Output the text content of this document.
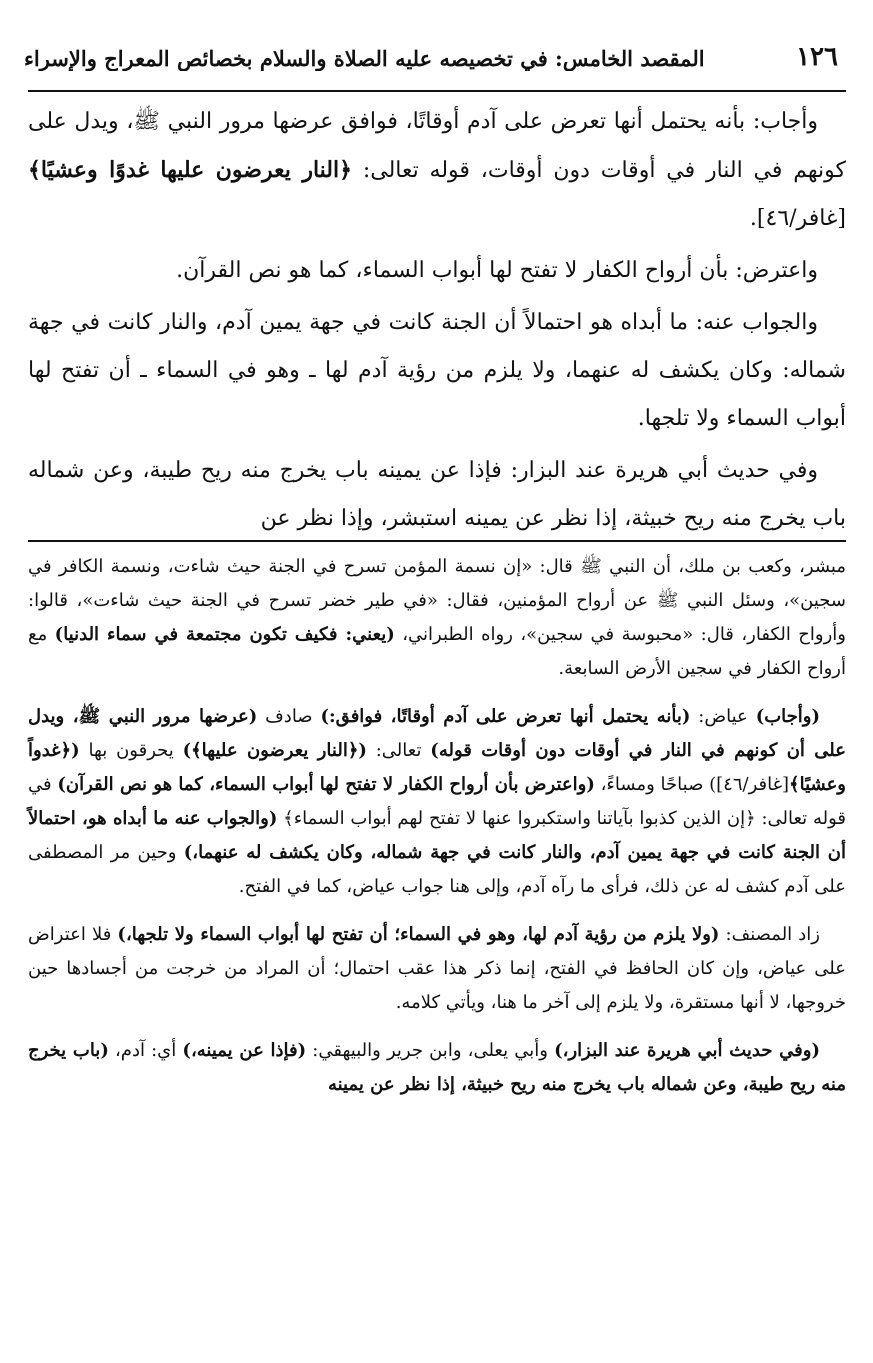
١٢٦
المقصد الخامس: في تخصيصه عليه الصلاة والسلام بخصائص المعراج والإسراء

وأجاب: بأنه يحتمل أنها تعرض على آدم أوقاتًا، فوافق عرضها مرور النبي ﷺ، ويدل على كونهم في النار في أوقات دون أوقات، قوله تعالى: ﴿النار يعرضون عليها غدوًا وعشيًا﴾ [غافر/٤٦].

واعترض: بأن أرواح الكفار لا تفتح لها أبواب السماء، كما هو نص القرآن.

والجواب عنه: ما أبداه هو احتمالاً أن الجنة كانت في جهة يمين آدم، والنار كانت في جهة شماله: وكان يكشف له عنهما، ولا يلزم من رؤية آدم لها ـ وهو في السماء ـ أن تفتح لها أبواب السماء ولا تلجها.

وفي حديث أبي هريرة عند البزار: فإذا عن يمينه باب يخرج منه ريح طيبة، وعن شماله باب يخرج منه ريح خبيثة، إذا نظر عن يمينه استبشر، وإذا نظر عن

مبشر، وكعب بن ملك، أن النبي ﷺ قال: «إن نسمة المؤمن تسرح في الجنة حيث شاءت، ونسمة الكافر في سجين»، وسئل النبي ﷺ عن أرواح المؤمنين، فقال: «في طير خضر تسرح في الجنة حيث شاءت»، قالوا: وأرواح الكفار، قال: «محبوسة في سجين»، رواه الطبراني، (يعني: فكيف تكون مجتمعة في سماء الدنيا) مع أرواح الكفار في سجين الأرض السابعة.

(وأجاب) عياض: (بأنه يحتمل أنها تعرض على آدم أوقاتًا، فوافق:) صادف (عرضها مرور النبي ﷺ، ويدل على أن كونهم في النار في أوقات دون أوقات قوله) تعالى: (﴿النار يعرضون عليها﴾) يحرقون بها (﴿غدواً وعشيًا﴾[غافر/٤٦]) صباحًا ومساءً، (واعترض بأن أرواح الكفار لا تفتح لها أبواب السماء، كما هو نص القرآن) في قوله تعالى: ﴿إن الذين كذبوا بآياتنا واستكبروا عنها لا تفتح لهم أبواب السماء﴾ (والجواب عنه ما أبداه هو، احتمالاً أن الجنة كانت في جهة يمين آدم، والنار كانت في جهة شماله، وكان يكشف له عنهما،) وحين مر المصطفى على آدم كشف له عن ذلك، فرأى ما رآه آدم، وإلى هنا جواب عياض، كما في الفتح.

زاد المصنف: (ولا يلزم من رؤية آدم لها، وهو في السماء؛ أن تفتح لها أبواب السماء ولا تلجها،) فلا اعتراض على عياض، وإن كان الحافظ في الفتح، إنما ذكر هذا عقب احتمال؛ أن المراد من خرجت من أجسادها حين خروجها، لا أنها مستقرة، ولا يلزم إلى آخر ما هنا، ويأتي كلامه.

(وفي حديث أبي هريرة عند البزار،) وأبي يعلى، وابن جرير والبيهقي: (فإذا عن يمينه،) أي: آدم، (باب يخرج منه ريح طيبة، وعن شماله باب يخرج منه ريح خبيثة، إذا نظر عن يمينه
